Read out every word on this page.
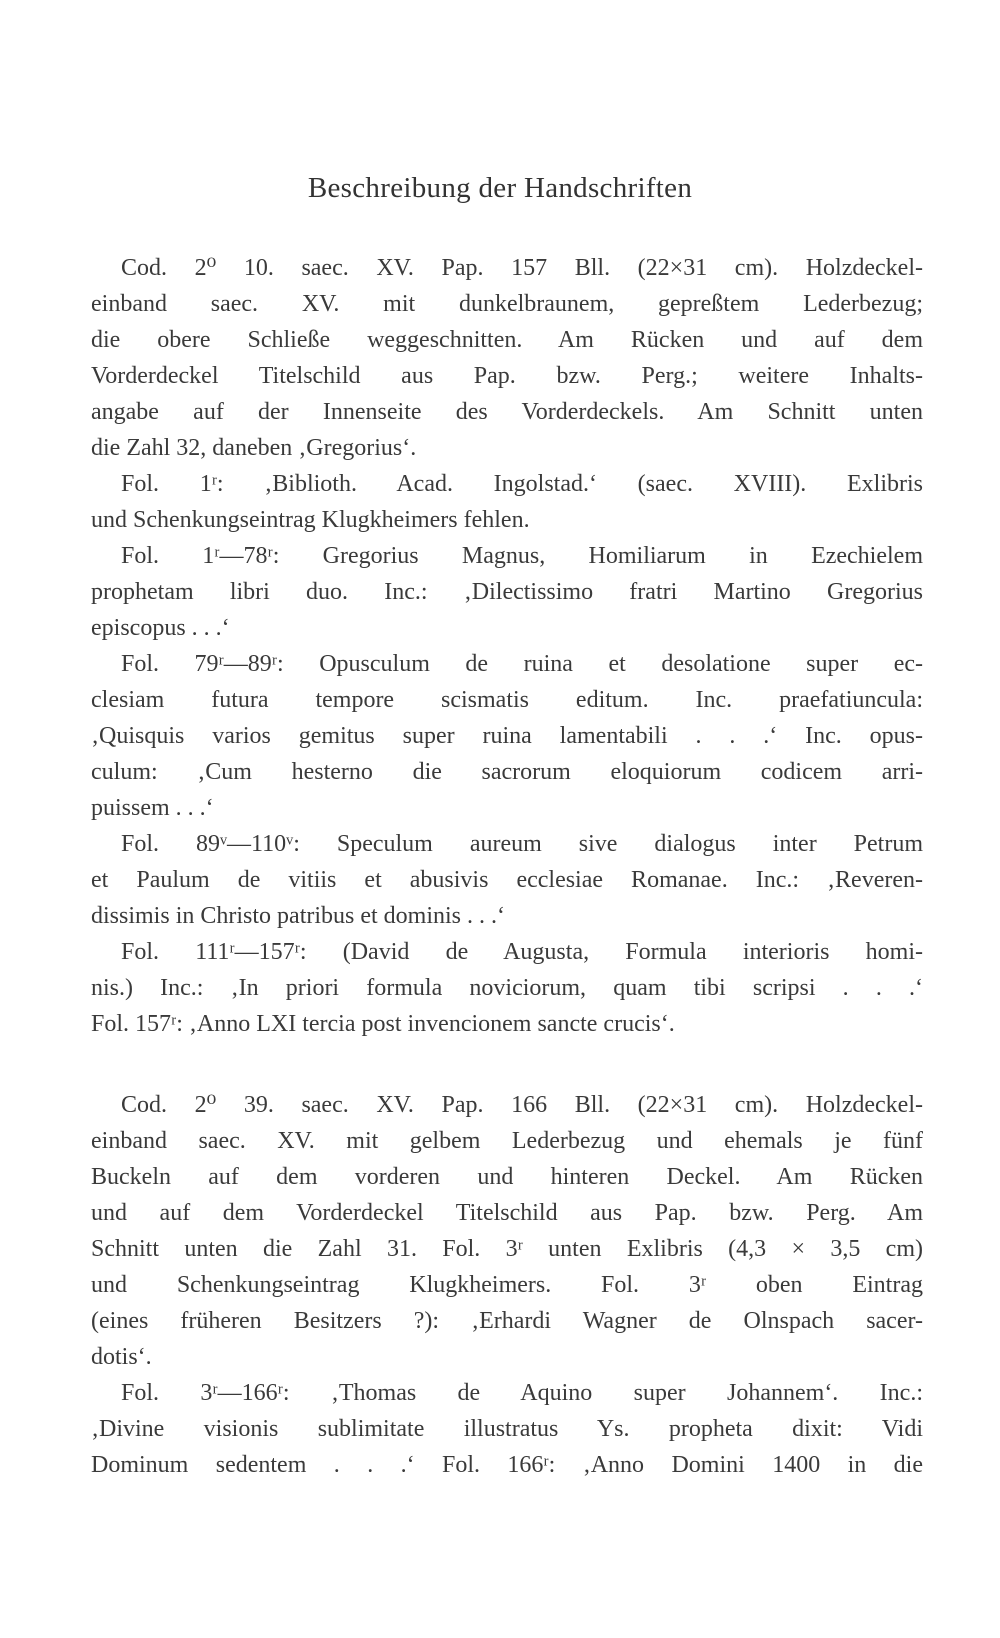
Beschreibung der Handschriften
Cod. 2⁰ 10. saec. XV. Pap. 157 Bll. (22×31 cm). Holzdeckel-
einband saec. XV. mit dunkelbraunem, gepreßtem Lederbezug;
die obere Schließe weggeschnitten. Am Rücken und auf dem
Vorderdeckel Titelschild aus Pap. bzw. Perg.; weitere Inhalts-
angabe auf der Innenseite des Vorderdeckels. Am Schnitt unten
die Zahl 32, daneben ‚Gregorius‘.
Fol. 1ʳ: ‚Biblioth. Acad. Ingolstad.‘ (saec. XVIII). Exlibris
und Schenkungseintrag Klugkheimers fehlen.
Fol. 1ʳ—78ʳ: Gregorius Magnus, Homiliarum in Ezechielem
prophetam libri duo. Inc.: ‚Dilectissimo fratri Martino Gregorius
episcopus . . .‘
Fol. 79ʳ—89ʳ: Opusculum de ruina et desolatione super ec-
clesiam futura tempore scismatis editum. Inc. praefatiuncula:
‚Quisquis varios gemitus super ruina lamentabili . . .‘ Inc. opus-
culum: ‚Cum hesterno die sacrorum eloquiorum codicem arri-
puissem . . .‘
Fol. 89ᵛ—110ᵛ: Speculum aureum sive dialogus inter Petrum
et Paulum de vitiis et abusivis ecclesiae Romanae. Inc.: ‚Reveren-
dissimis in Christo patribus et dominis . . .‘
Fol. 111ʳ—157ʳ: (David de Augusta, Formula interioris homi-
nis.) Inc.: ‚In priori formula noviciorum, quam tibi scripsi . . .‘
Fol. 157ʳ: ‚Anno LXI tercia post invencionem sancte crucis‘.
Cod. 2⁰ 39. saec. XV. Pap. 166 Bll. (22×31 cm). Holzdeckel-
einband saec. XV. mit gelbem Lederbezug und ehemals je fünf
Buckeln auf dem vorderen und hinteren Deckel. Am Rücken
und auf dem Vorderdeckel Titelschild aus Pap. bzw. Perg. Am
Schnitt unten die Zahl 31. Fol. 3ʳ unten Exlibris (4,3 × 3,5 cm)
und Schenkungseintrag Klugkheimers. Fol. 3ʳ oben Eintrag
(eines früheren Besitzers ?): ‚Erhardi Wagner de Olnspach sacer-
dotis‘.
Fol. 3ʳ—166ʳ: ‚Thomas de Aquino super Johannem‘. Inc.:
‚Divine visionis sublimitate illustratus Ys. propheta dixit: Vidi
Dominum sedentem . . .‘ Fol. 166ʳ: ‚Anno Domini 1400 in die
